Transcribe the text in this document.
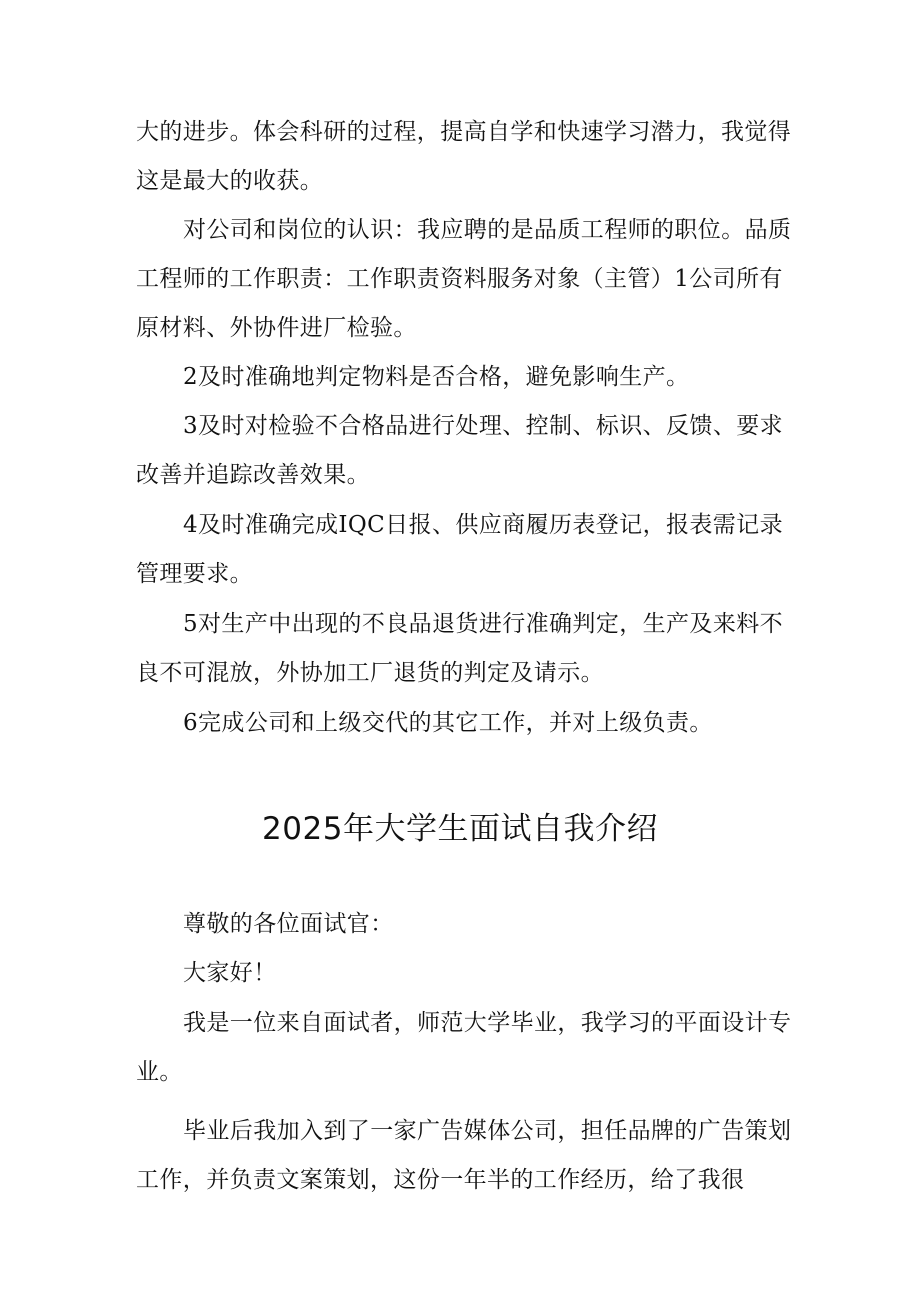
大的进步。体会科研的过程，提高自学和快速学习潜力，我觉得这是最大的收获。

对公司和岗位的认识：我应聘的是品质工程师的职位。品质工程师的工作职责：工作职责资料服务对象（主管）1公司所有原材料、外协件进厂检验。

2及时准确地判定物料是否合格，避免影响生产。

3及时对检验不合格品进行处理、控制、标识、反馈、要求改善并追踪改善效果。

4及时准确完成IQC日报、供应商履历表登记，报表需记录管理要求。

5对生产中出现的不良品退货进行准确判定，生产及来料不良不可混放，外协加工厂退货的判定及请示。

6完成公司和上级交代的其它工作，并对上级负责。

2025年大学生面试自我介绍

尊敬的各位面试官：

大家好！

我是一位来自面试者，师范大学毕业，我学习的平面设计专业。

毕业后我加入到了一家广告媒体公司，担任品牌的广告策划工作，并负责文案策划，这份一年半的工作经历，给了我很
